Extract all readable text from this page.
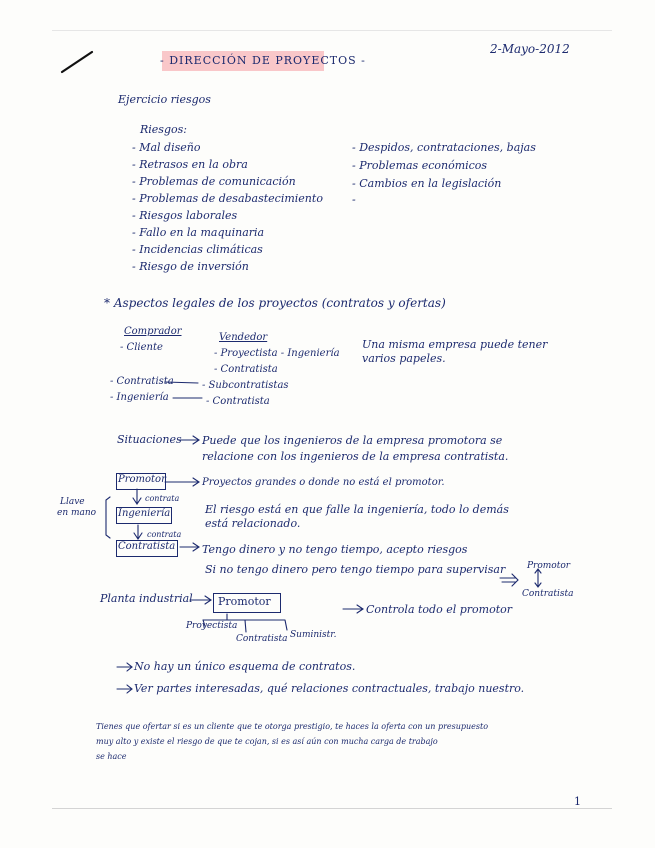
2-Mayo-2012
- DIRECCIÓN DE PROYECTOS -
Ejercicio riesgos
Riesgos:
- Mal diseño
- Retrasos en la obra
- Problemas de comunicación
- Problemas de desabastecimiento
- Riesgos laborales
- Fallo en la maquinaria
- Incidencias climáticas
- Riesgo de inversión
- Despidos, contrataciones, bajas
- Problemas económicos
- Cambios en la legislación
-
* Aspectos legales de los proyectos (contratos y ofertas)
Comprador
Vendedor
- Cliente
- Proyectista - Ingeniería
- Contratista
- Subcontratistas
- Contratista
- Contratista
- Ingeniería
Una misma empresa puede tener
varios papeles.
Situaciones Puede que los ingenieros de la empresa promotora se
relacione con los ingenieros de la empresa contratista.
Llave
en mano
Promotor
contrata
Ingeniería
contrata
Contratista
Proyectos grandes o donde no está el promotor.
El riesgo está en que falle la ingeniería, todo lo demás
está relacionado.
Tengo dinero y no tengo tiempo, acepto riesgos
Si no tengo dinero pero tengo tiempo para supervisar Promotor
Contratista
Planta industrial Promotor
Proyectista
Contratista Suministr.
Controla todo el promotor
No hay un único esquema de contratos.
Ver partes interesadas, qué relaciones contractuales, trabajo nuestro.
Tienes que ofertar si es un cliente que te otorga prestigio, te haces la oferta con un presupuesto
muy alto y existe el riesgo de que te cojan, si es así aún con mucha carga de trabajo
se hace
1
